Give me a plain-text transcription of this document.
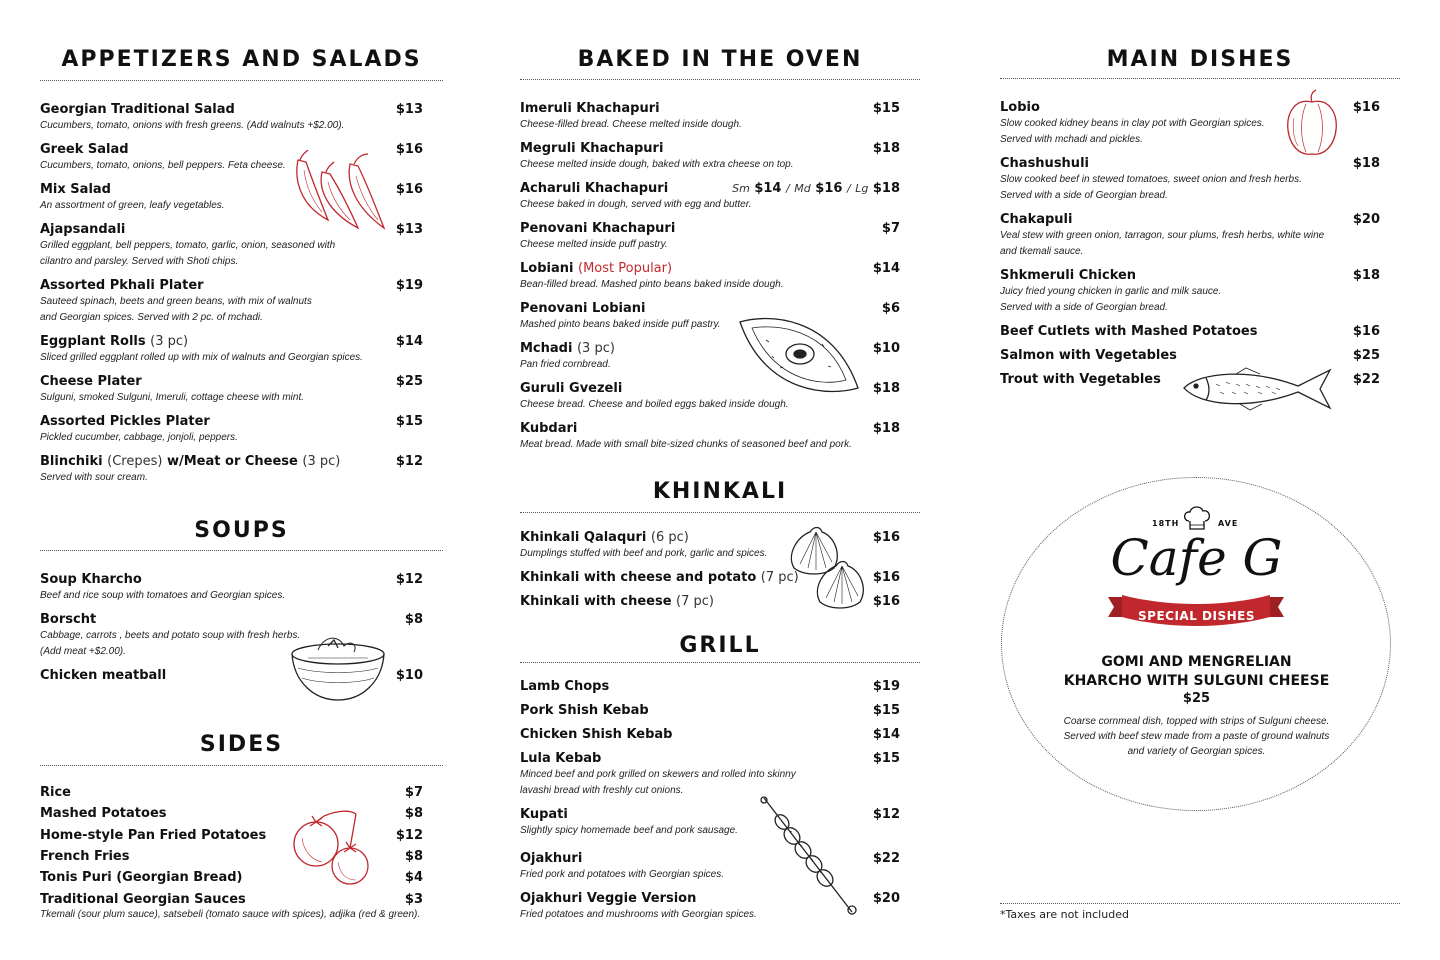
APPETIZERS AND SALADS
Georgian Traditional Salad	$13
Cucumbers, tomato, onions with fresh greens. (Add walnuts +$2.00).
Greek Salad	$16
Cucumbers, tomato, onions, bell peppers. Feta cheese.
Mix Salad	$16
An assortment of green, leafy vegetables.
Ajapsandali	$13
Grilled eggplant, bell peppers, tomato, garlic, onion, seasoned with
cilantro and parsley. Served with Shoti chips.
Assorted Pkhali Plater	$19
Sauteed spinach, beets and green beans, with mix of walnuts
and Georgian spices. Served with 2 pc. of mchadi.
Eggplant Rolls (3 pc)	$14
Sliced grilled eggplant rolled up with mix of walnuts and Georgian spices.
Cheese Plater	$25
Sulguni, smoked Sulguni, Imeruli, cottage cheese with mint.
Assorted Pickles Plater	$15
Pickled cucumber, cabbage, jonjoli, peppers.
Blinchiki (Crepes) w/Meat or Cheese (3 pc)	$12
Served with sour cream.
SOUPS
Soup Kharcho	$12
Beef and rice soup with tomatoes and Georgian spices.
Borscht	$8
Cabbage, carrots , beets and potato soup with fresh herbs.
(Add meat +$2.00).
Chicken meatball	$10
SIDES
Rice	$7
Mashed Potatoes	$8
Home-style Pan Fried Potatoes	$12
French Fries	$8
Tonis Puri (Georgian Bread)	$4
Traditional Georgian Sauces	$3
Tkemali (sour plum sauce), satsebeli (tomato sauce with spices), adjika (red & green).
BAKED IN THE OVEN
Imeruli Khachapuri	$15
Cheese-filled bread. Cheese melted inside dough.
Megruli Khachapuri	$18
Cheese melted inside dough, baked with extra cheese on top.
Acharuli Khachapuri	Sm $14 / Md $16 / Lg $18
Cheese baked in dough, served with egg and butter.
Penovani Khachapuri	$7
Cheese melted inside puff pastry.
Lobiani (Most Popular)	$14
Bean-filled bread. Mashed pinto beans baked inside dough.
Penovani Lobiani	$6
Mashed pinto beans baked inside puff pastry.
Mchadi (3 pc)	$10
Pan fried cornbread.
Guruli Gvezeli	$18
Cheese bread. Cheese and boiled eggs baked inside dough.
Kubdari	$18
Meat bread. Made with small bite-sized chunks of seasoned beef and pork.
KHINKALI
Khinkali Qalaquri (6 pc)	$16
Dumplings stuffed with beef and pork, garlic and spices.
Khinkali with cheese and potato (7 pc)	$16
Khinkali with cheese (7 pc)	$16
GRILL
Lamb Chops	$19
Pork Shish Kebab	$15
Chicken Shish Kebab	$14
Lula Kebab	$15
Minced beef and pork grilled on skewers and rolled into skinny
lavashi bread with freshly cut onions.
Kupati	$12
Slightly spicy homemade beef and pork sausage.
Ojakhuri	$22
Fried pork and potatoes with Georgian spices.
Ojakhuri Veggie Version	$20
Fried potatoes and mushrooms with Georgian spices.
MAIN DISHES
Lobio	$16
Slow cooked kidney beans in clay pot with Georgian spices.
Served with mchadi and pickles.
Chashushuli	$18
Slow cooked beef in stewed tomatoes, sweet onion and fresh herbs.
Served with a side of Georgian bread.
Chakapuli	$20
Veal stew with green onion, tarragon, sour plums, fresh herbs, white wine
and tkemali sauce.
Shkmeruli Chicken	$18
Juicy fried young chicken in garlic and milk sauce.
Served with a side of Georgian bread.
Beef Cutlets with Mashed Potatoes	$16
Salmon with Vegetables	$25
Trout with Vegetables	$22
18TH	AVE
Cafe G
SPECIAL DISHES
GOMI AND MENGRELIAN
KHARCHO WITH SULGUNI CHEESE
$25
Coarse cornmeal dish, topped with strips of Sulguni cheese.
Served with beef stew made from a paste of ground walnuts
and variety of Georgian spices.
*Taxes are not included
